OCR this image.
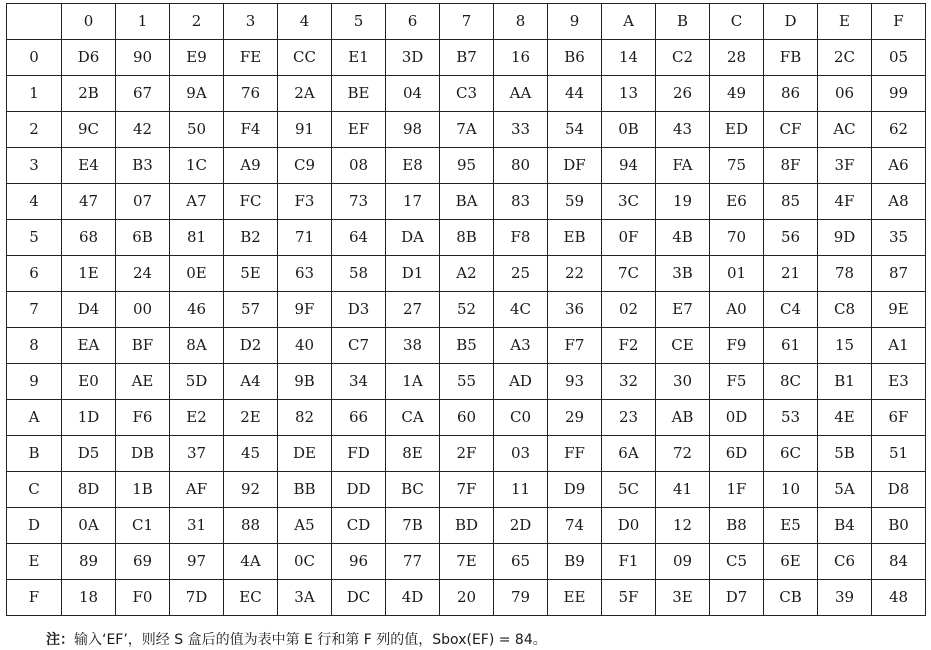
	0	1	2	3	4	5	6	7	8	9	A	B	C	D	E	F
0	D6	90	E9	FE	CC	E1	3D	B7	16	B6	14	C2	28	FB	2C	05
1	2B	67	9A	76	2A	BE	04	C3	AA	44	13	26	49	86	06	99
2	9C	42	50	F4	91	EF	98	7A	33	54	0B	43	ED	CF	AC	62
3	E4	B3	1C	A9	C9	08	E8	95	80	DF	94	FA	75	8F	3F	A6
4	47	07	A7	FC	F3	73	17	BA	83	59	3C	19	E6	85	4F	A8
5	68	6B	81	B2	71	64	DA	8B	F8	EB	0F	4B	70	56	9D	35
6	1E	24	0E	5E	63	58	D1	A2	25	22	7C	3B	01	21	78	87
7	D4	00	46	57	9F	D3	27	52	4C	36	02	E7	A0	C4	C8	9E
8	EA	BF	8A	D2	40	C7	38	B5	A3	F7	F2	CE	F9	61	15	A1
9	E0	AE	5D	A4	9B	34	1A	55	AD	93	32	30	F5	8C	B1	E3
A	1D	F6	E2	2E	82	66	CA	60	C0	29	23	AB	0D	53	4E	6F
B	D5	DB	37	45	DE	FD	8E	2F	03	FF	6A	72	6D	6C	5B	51
C	8D	1B	AF	92	BB	DD	BC	7F	11	D9	5C	41	1F	10	5A	D8
D	0A	C1	31	88	A5	CD	7B	BD	2D	74	D0	12	B8	E5	B4	B0
E	89	69	97	4A	0C	96	77	7E	65	B9	F1	09	C5	6E	C6	84
F	18	F0	7D	EC	3A	DC	4D	20	79	EE	5F	3E	D7	CB	39	48
注：输入‘EF’，则经 S 盒后的值为表中第 E 行和第 F 列的值，Sbox(EF) = 84。
